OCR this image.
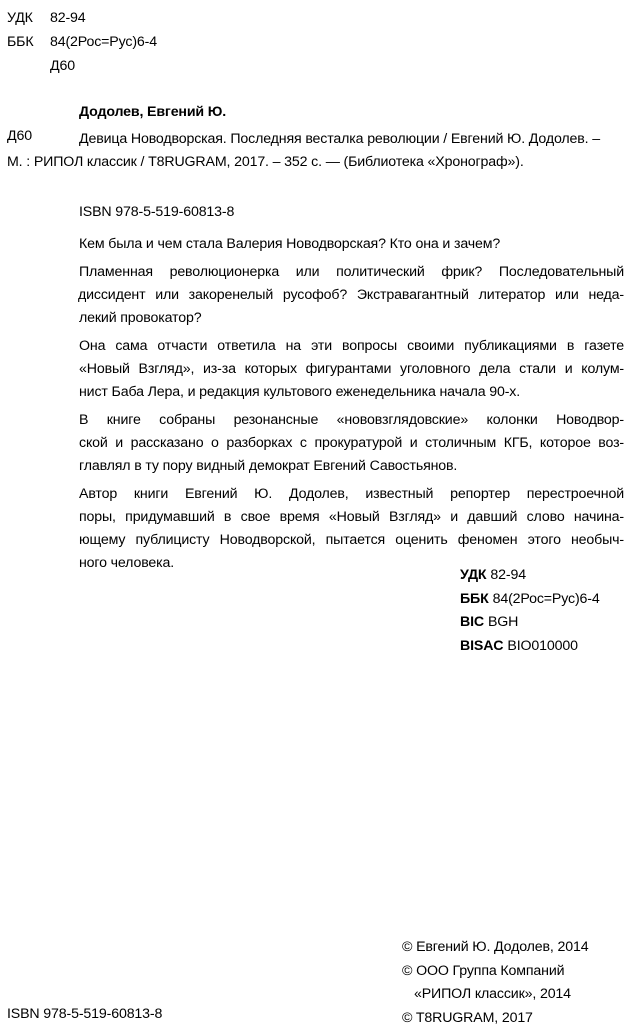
УДК 82-94
ББК 84(2Рос=Рус)6-4
Д60
Додолев, Евгений Ю.
Д60	Девица Новодворская. Последняя весталка революции / Евгений Ю. Додолев. –
М. : РИПОЛ классик / T8RUGRAM, 2017. – 352 с. — (Библиотека «Хронограф»).
ISBN 978-5-519-60813-8
Кем была и чем стала Валерия Новодворская? Кто она и зачем?
Пламенная революционерка или политический фрик? Последовательный
диссидент или закоренелый русофоб? Экстравагантный литератор или неда-
лекий провокатор?
Она сама отчасти ответила на эти вопросы своими публикациями в газете
«Новый Взгляд», из-за которых фигурантами уголовного дела стали и колум-
нист Баба Лера, и редакция культового еженедельника начала 90-х.
В книге собраны резонансные «нововзглядовские» колонки Новодвор-
ской и рассказано о разборках с прокуратурой и столичным КГБ, которое воз-
главлял в ту пору видный демократ Евгений Савостьянов.
Автор книги Евгений Ю. Додолев, известный репортер перестроечной
поры, придумавший в свое время «Новый Взгляд» и давший слово начина-
ющему публицисту Новодворской, пытается оценить феномен этого необыч-
ного человека.
УДК 82-94
ББК 84(2Рос=Рус)6-4
BIC BGH
BISAC BIO010000
© Евгений Ю. Додолев, 2014
© ООО Группа Компаний
«РИПОЛ классик», 2014
© T8RUGRAM, 2017
ISBN 978-5-519-60813-8
